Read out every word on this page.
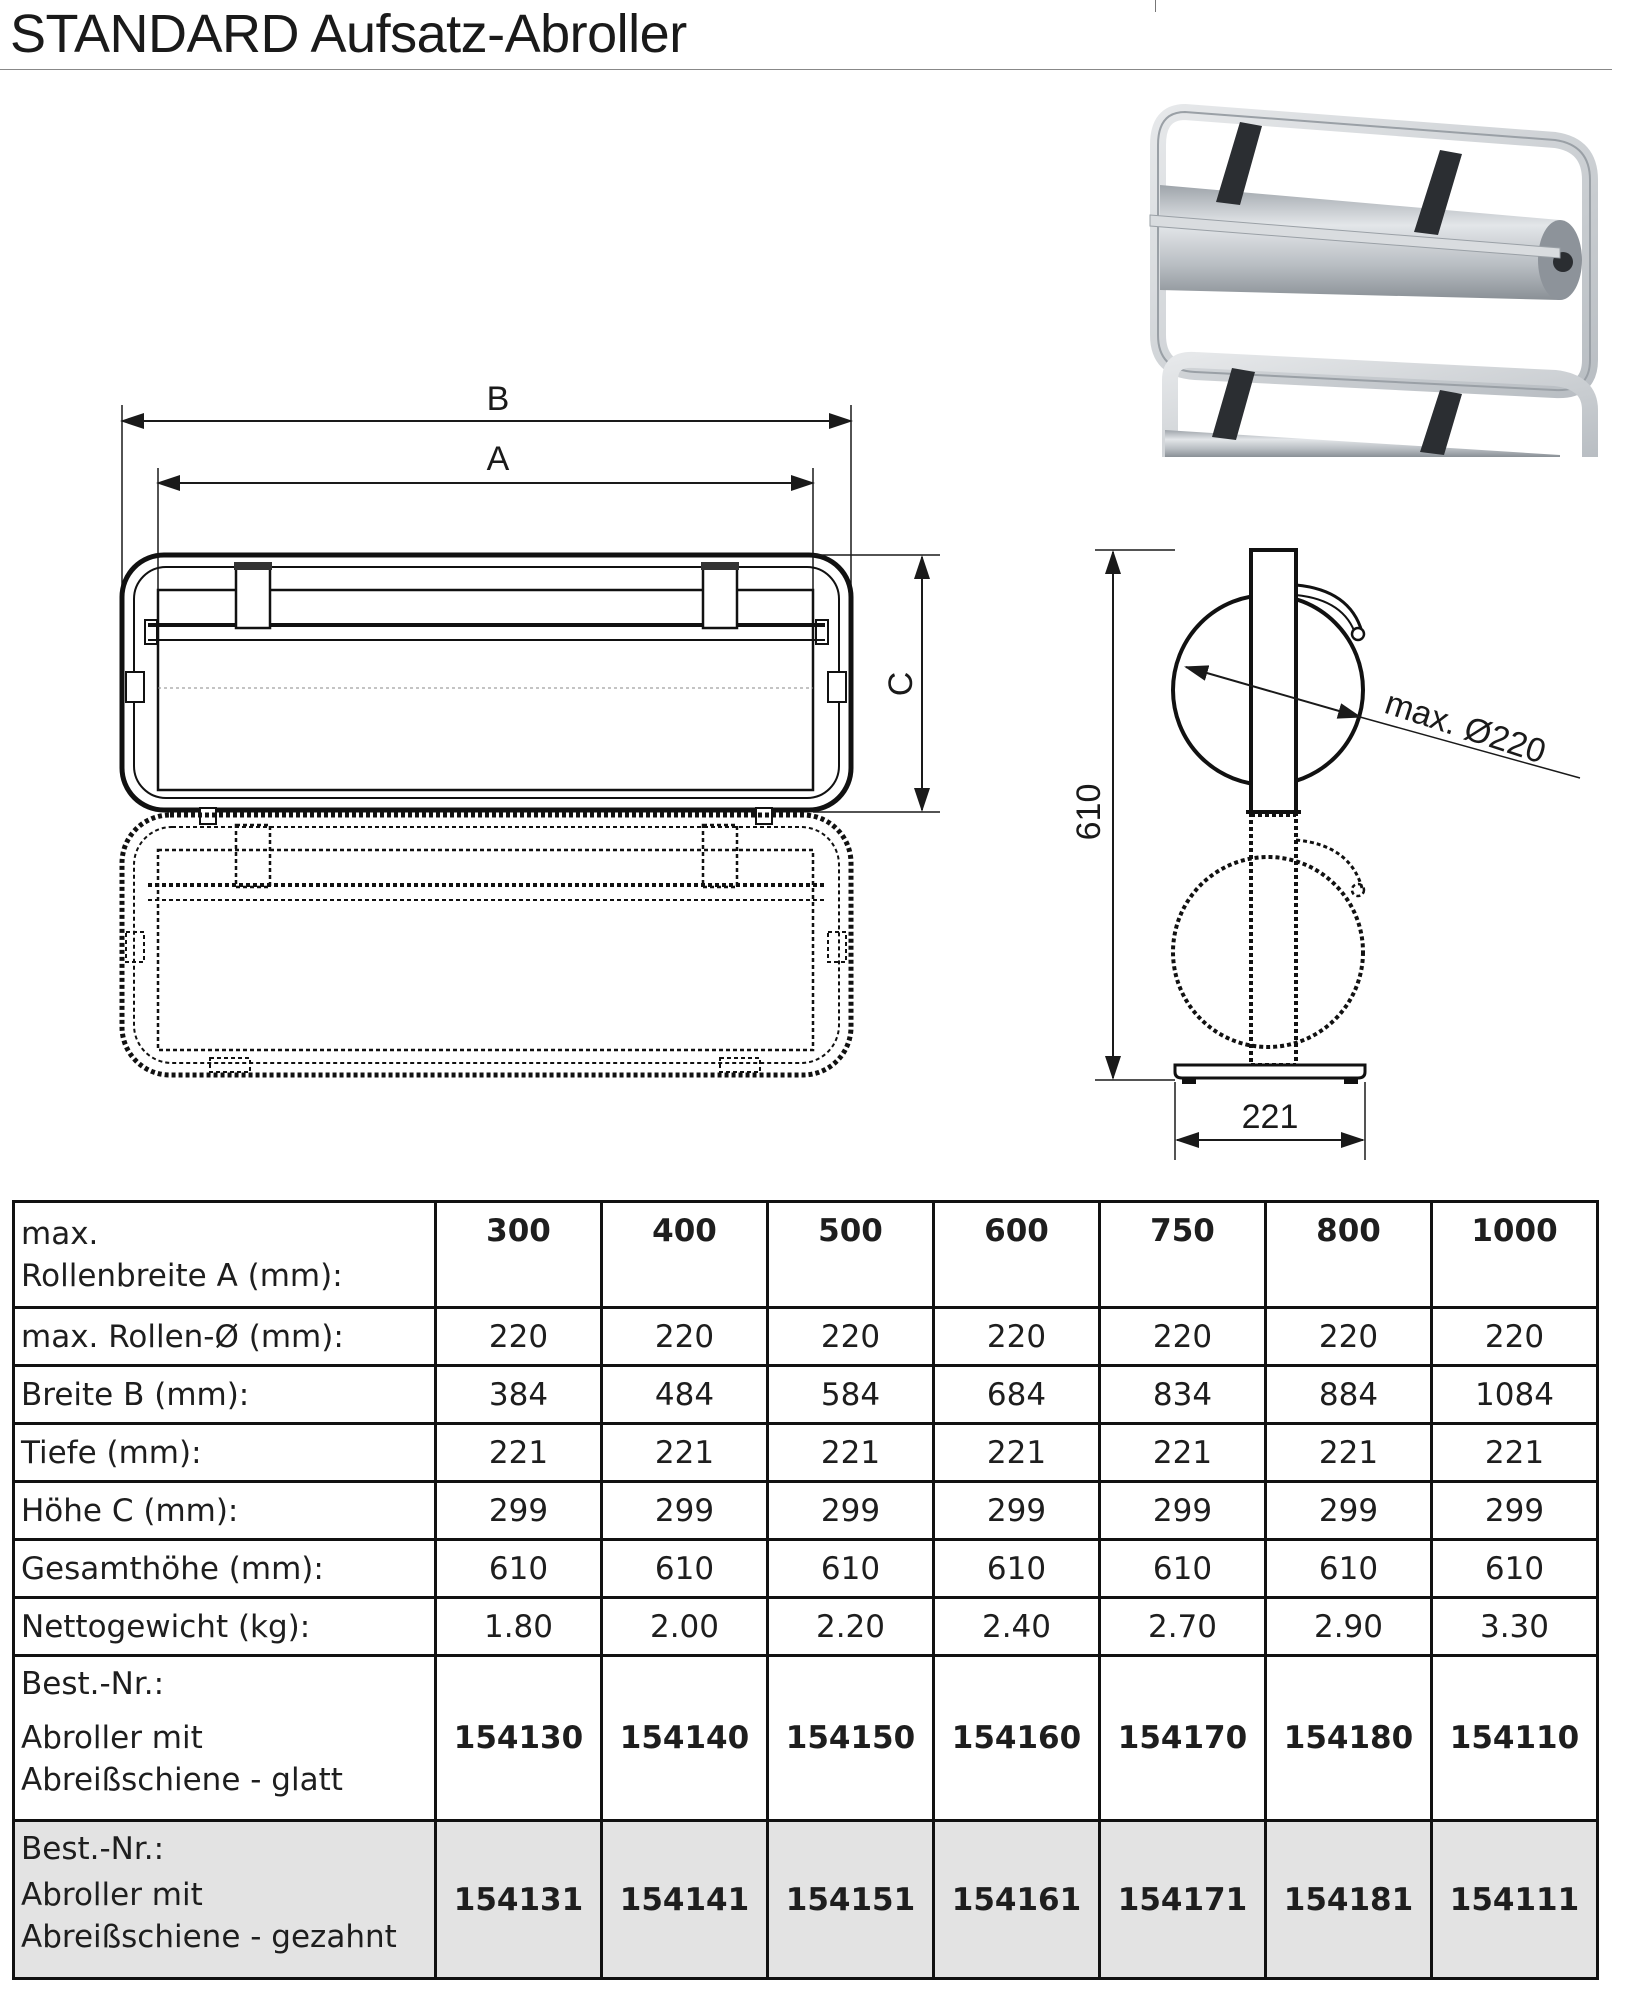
STANDARD Aufsatz-Abroller
B
A
C
610
max. Ø220
221
max.
Rollenbreite A (mm):	300	400	500	600	750	800	1000
max. Rollen-Ø (mm):	220	220	220	220	220	220	220
Breite B (mm):	384	484	584	684	834	884	1084
Tiefe (mm):	221	221	221	221	221	221	221
Höhe C (mm):	299	299	299	299	299	299	299
Gesamthöhe (mm):	610	610	610	610	610	610	610
Nettogewicht (kg):	1.80	2.00	2.20	2.40	2.70	2.90	3.30

Best.-Nr.:
Abroller mit
Abreißschiene - glatt	154130	154140	154150	154160	154170	154180	154110

Best.-Nr.:
Abroller mit
Abreißschiene - gezahnt	154131	154141	154151	154161	154171	154181	154111
